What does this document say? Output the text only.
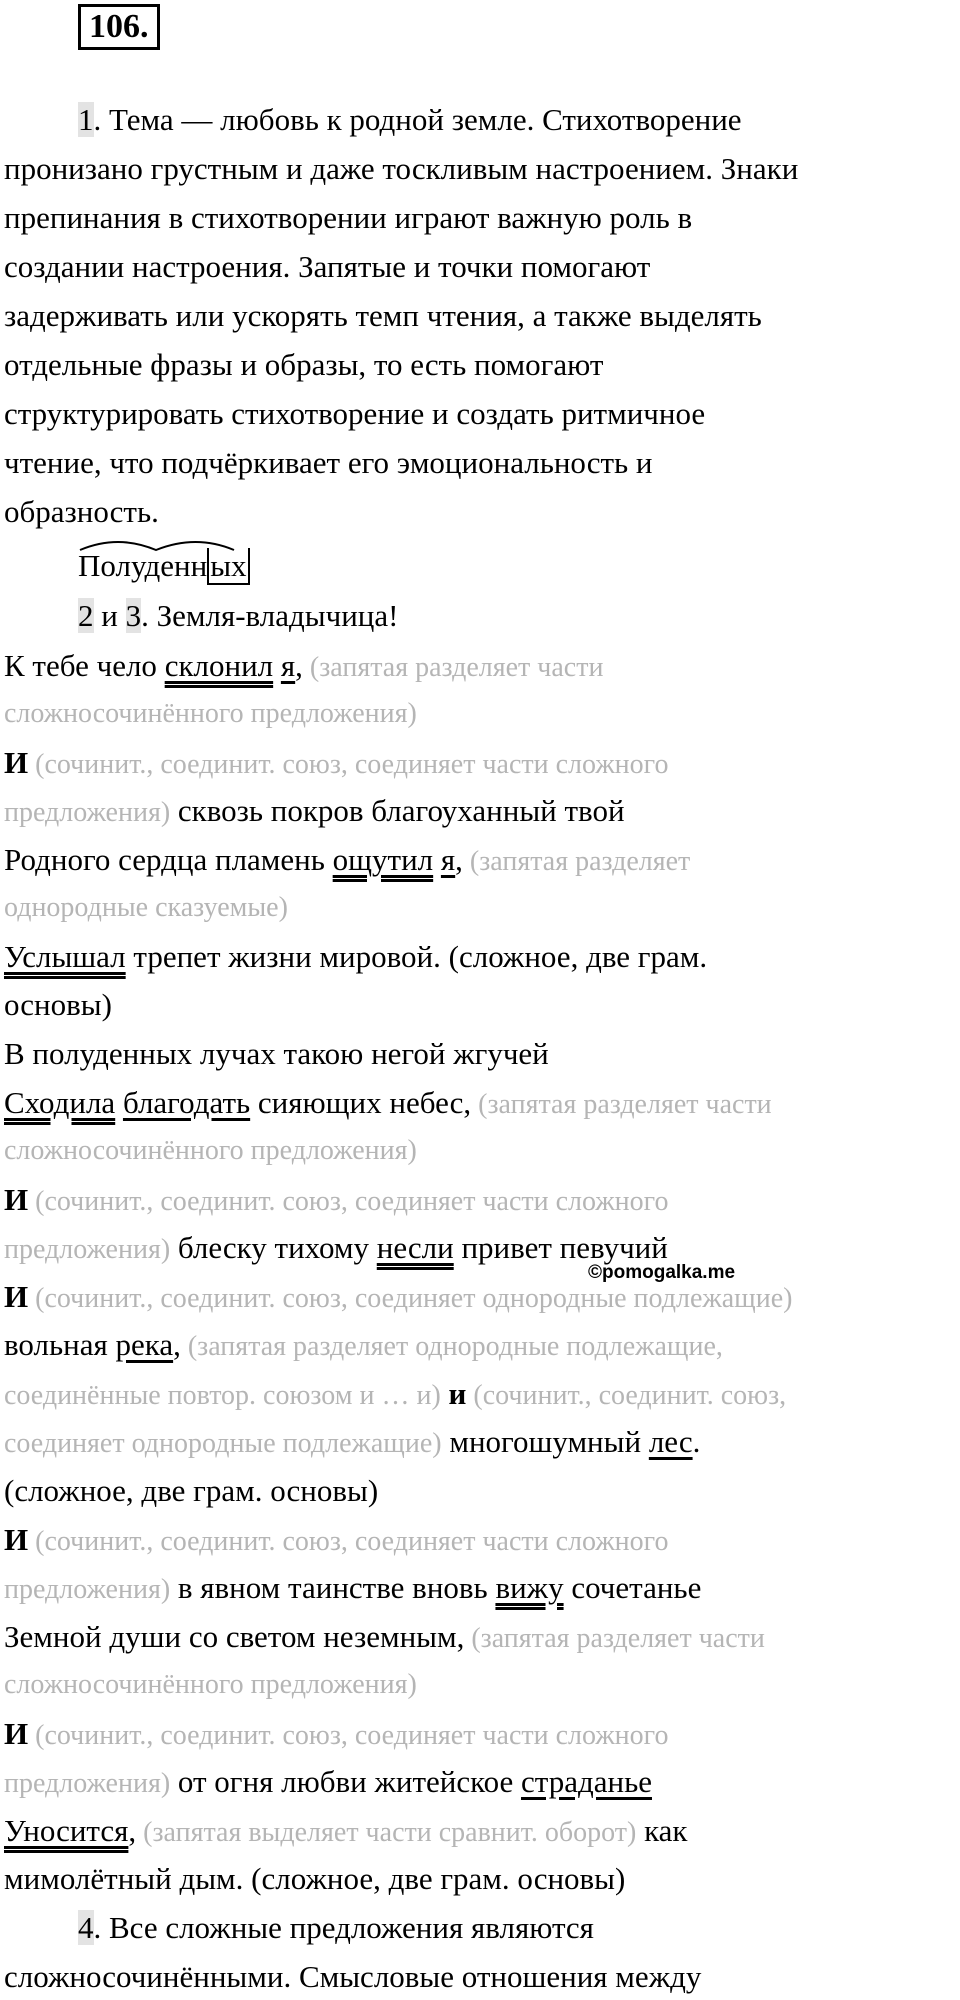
106.
1. Тема — любовь к родной земле. Стихотворение
пронизано грустным и даже тоскливым настроением. Знаки
препинания в стихотворении играют важную роль в
создании настроения. Запятые и точки помогают
задерживать или ускорять темп чтения, а также выделять
отдельные фразы и образы, то есть помогают
структурировать стихотворение и создать ритмичное
чтение, что подчёркивает его эмоциональность и
образность.
Полуденных
2 и 3. Земля-владычица!
К тебе чело склонил я, (запятая разделяет части
сложносочинённого предложения)
И (сочинит., соединит. союз, соединяет части сложного
предложения) сквозь покров благоуханный твой
Родного сердца пламень ощутил я, (запятая разделяет
однородные сказуемые)
Услышал трепет жизни мировой. (сложное, две грам.
основы)
В полуденных лучах такою негой жгучей
Сходила благодать сияющих небес, (запятая разделяет части
сложносочинённого предложения)
И (сочинит., соединит. союз, соединяет части сложного
предложения) блеску тихому несли привет певучий
©pomogalka.me
И (сочинит., соединит. союз, соединяет однородные подлежащие)
вольная река, (запятая разделяет однородные подлежащие,
соединённые повтор. союзом и … и) и (сочинит., соединит. союз,
соединяет однородные подлежащие) многошумный лес.
(сложное, две грам. основы)
И (сочинит., соединит. союз, соединяет части сложного
предложения) в явном таинстве вновь вижу сочетанье
Земной души со светом неземным, (запятая разделяет части
сложносочинённого предложения)
И (сочинит., соединит. союз, соединяет части сложного
предложения) от огня любви житейское страданье
Уносится, (запятая выделяет части сравнит. оборот) как
мимолётный дым. (сложное, две грам. основы)
4. Все сложные предложения являются
сложносочинёнными. Смысловые отношения между
